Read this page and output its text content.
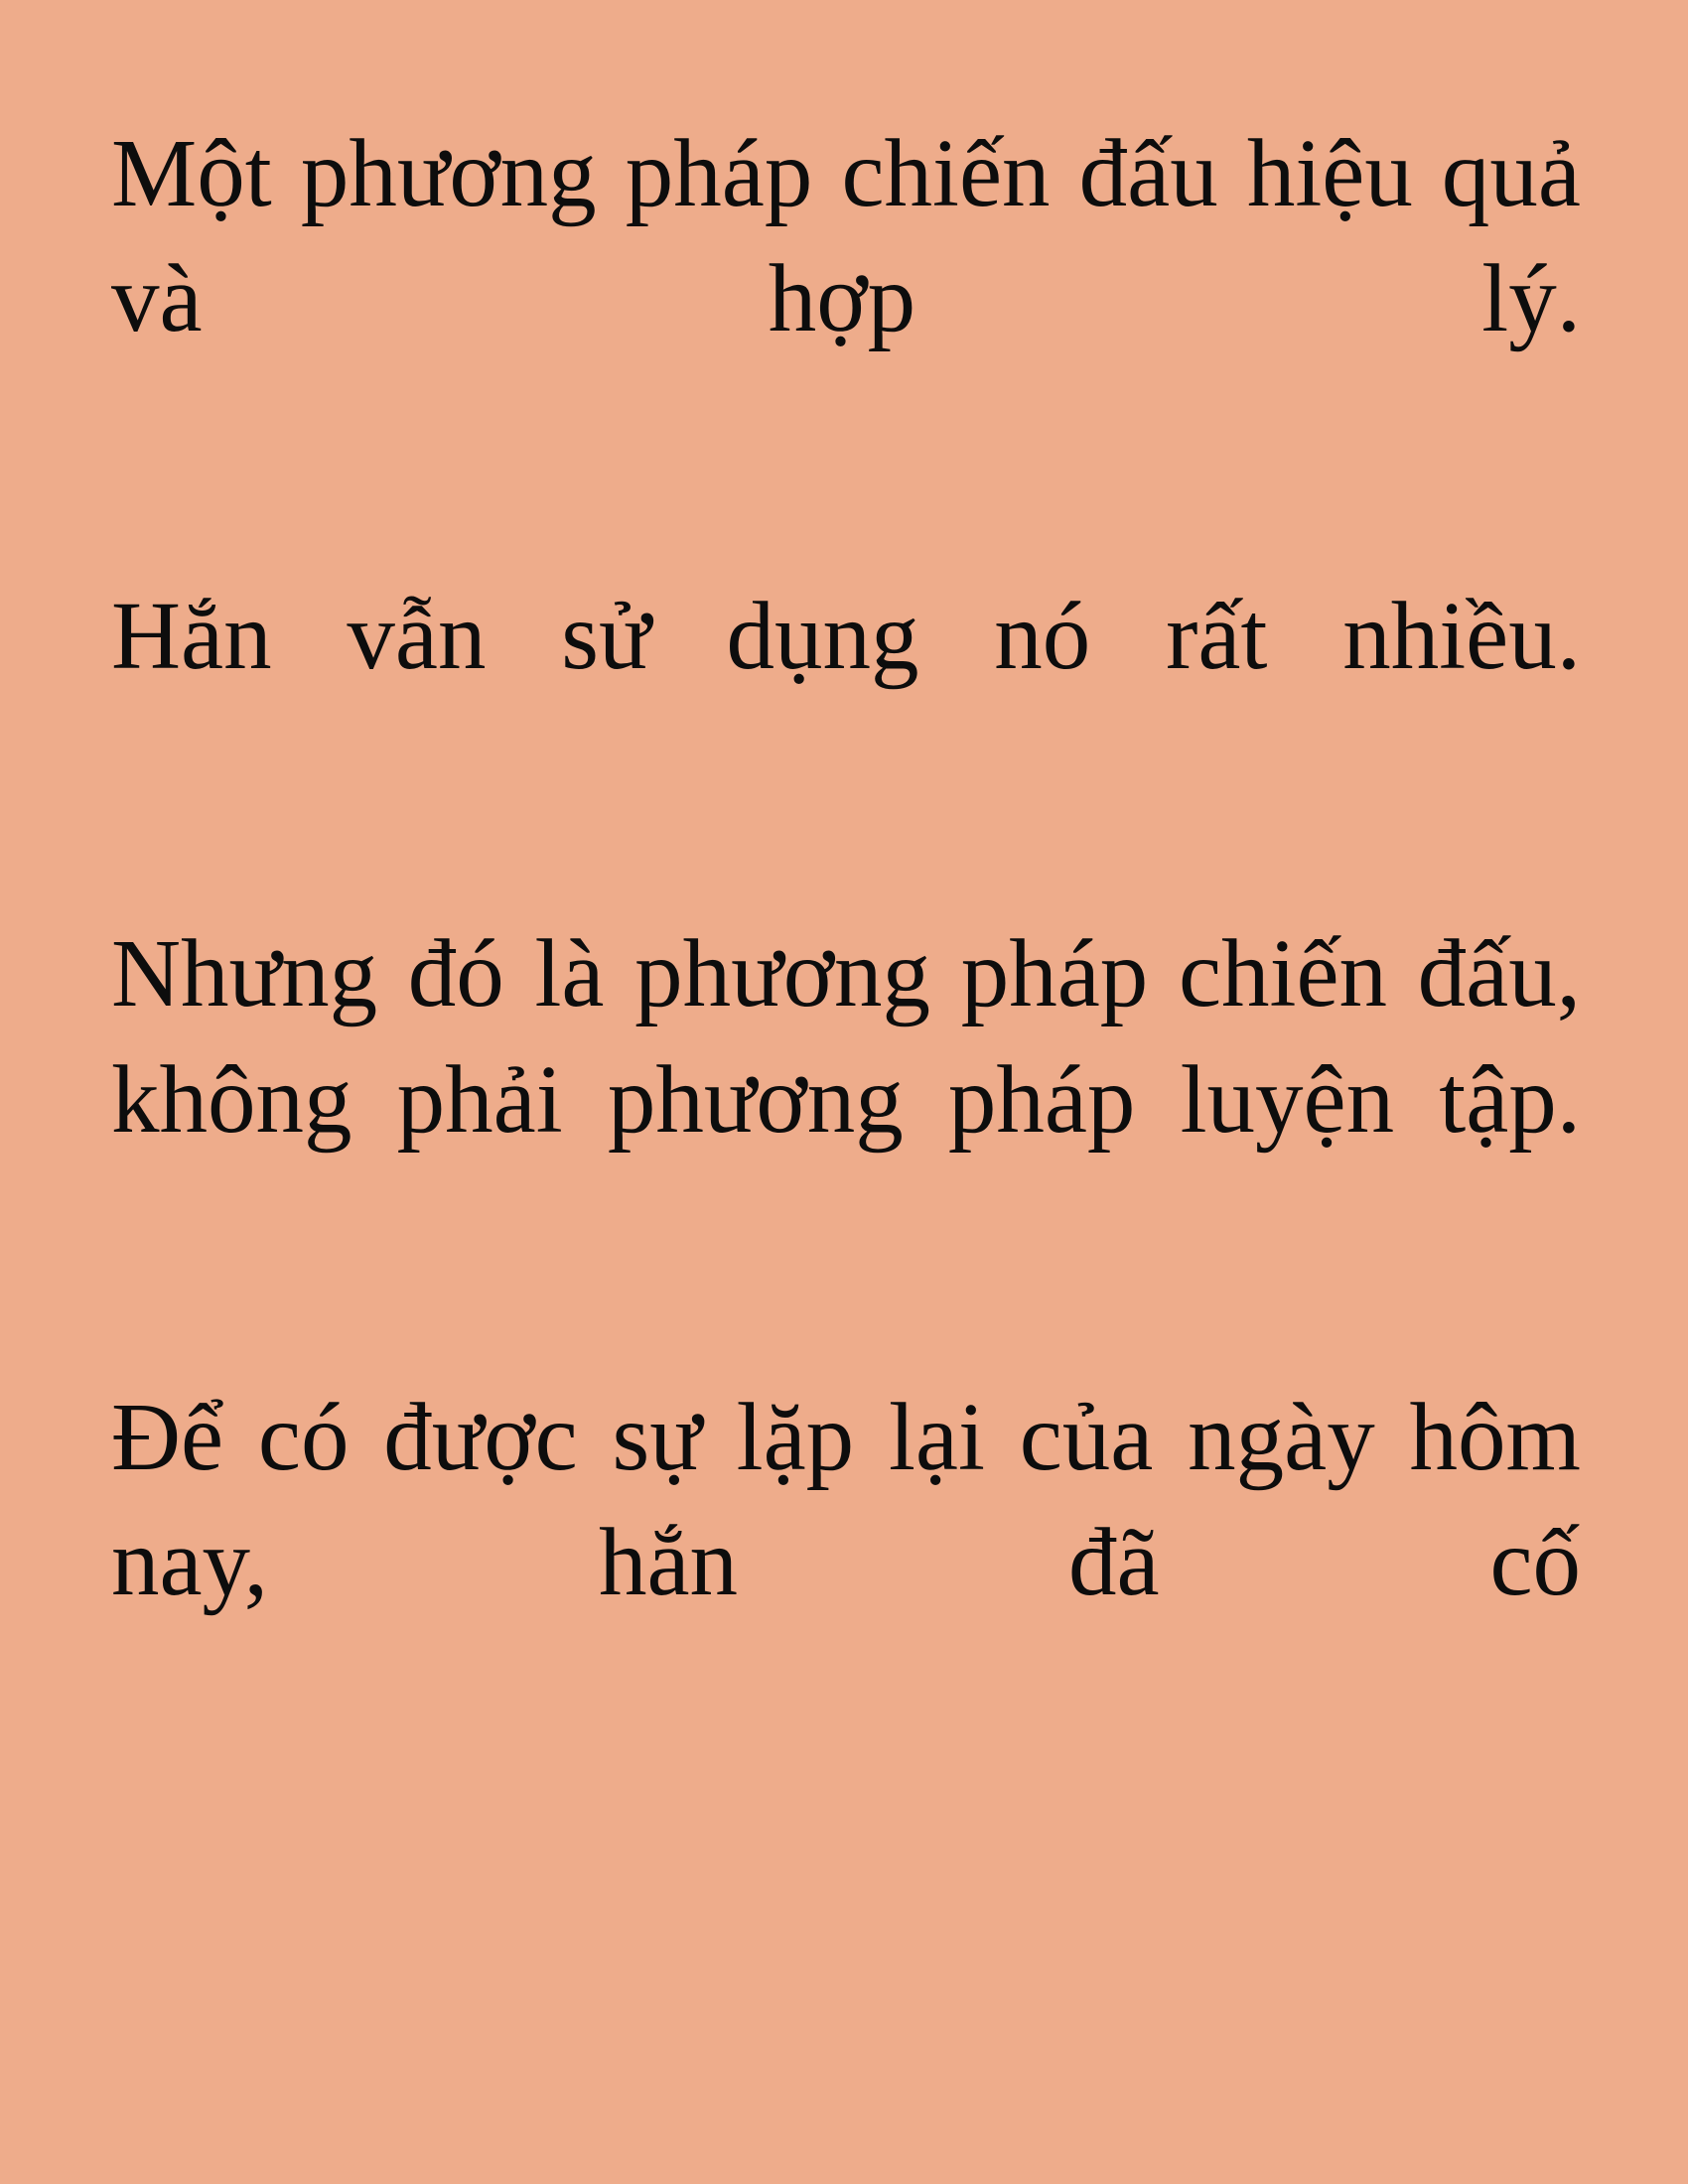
Một phương pháp chiến đấu hiệu quả và hợp lý.

Hắn vẫn sử dụng nó rất nhiều.

Nhưng đó là phương pháp chiến đấu, không phải phương pháp luyện tập.

Để có được sự lặp lại của ngày hôm nay, hắn đã cố
